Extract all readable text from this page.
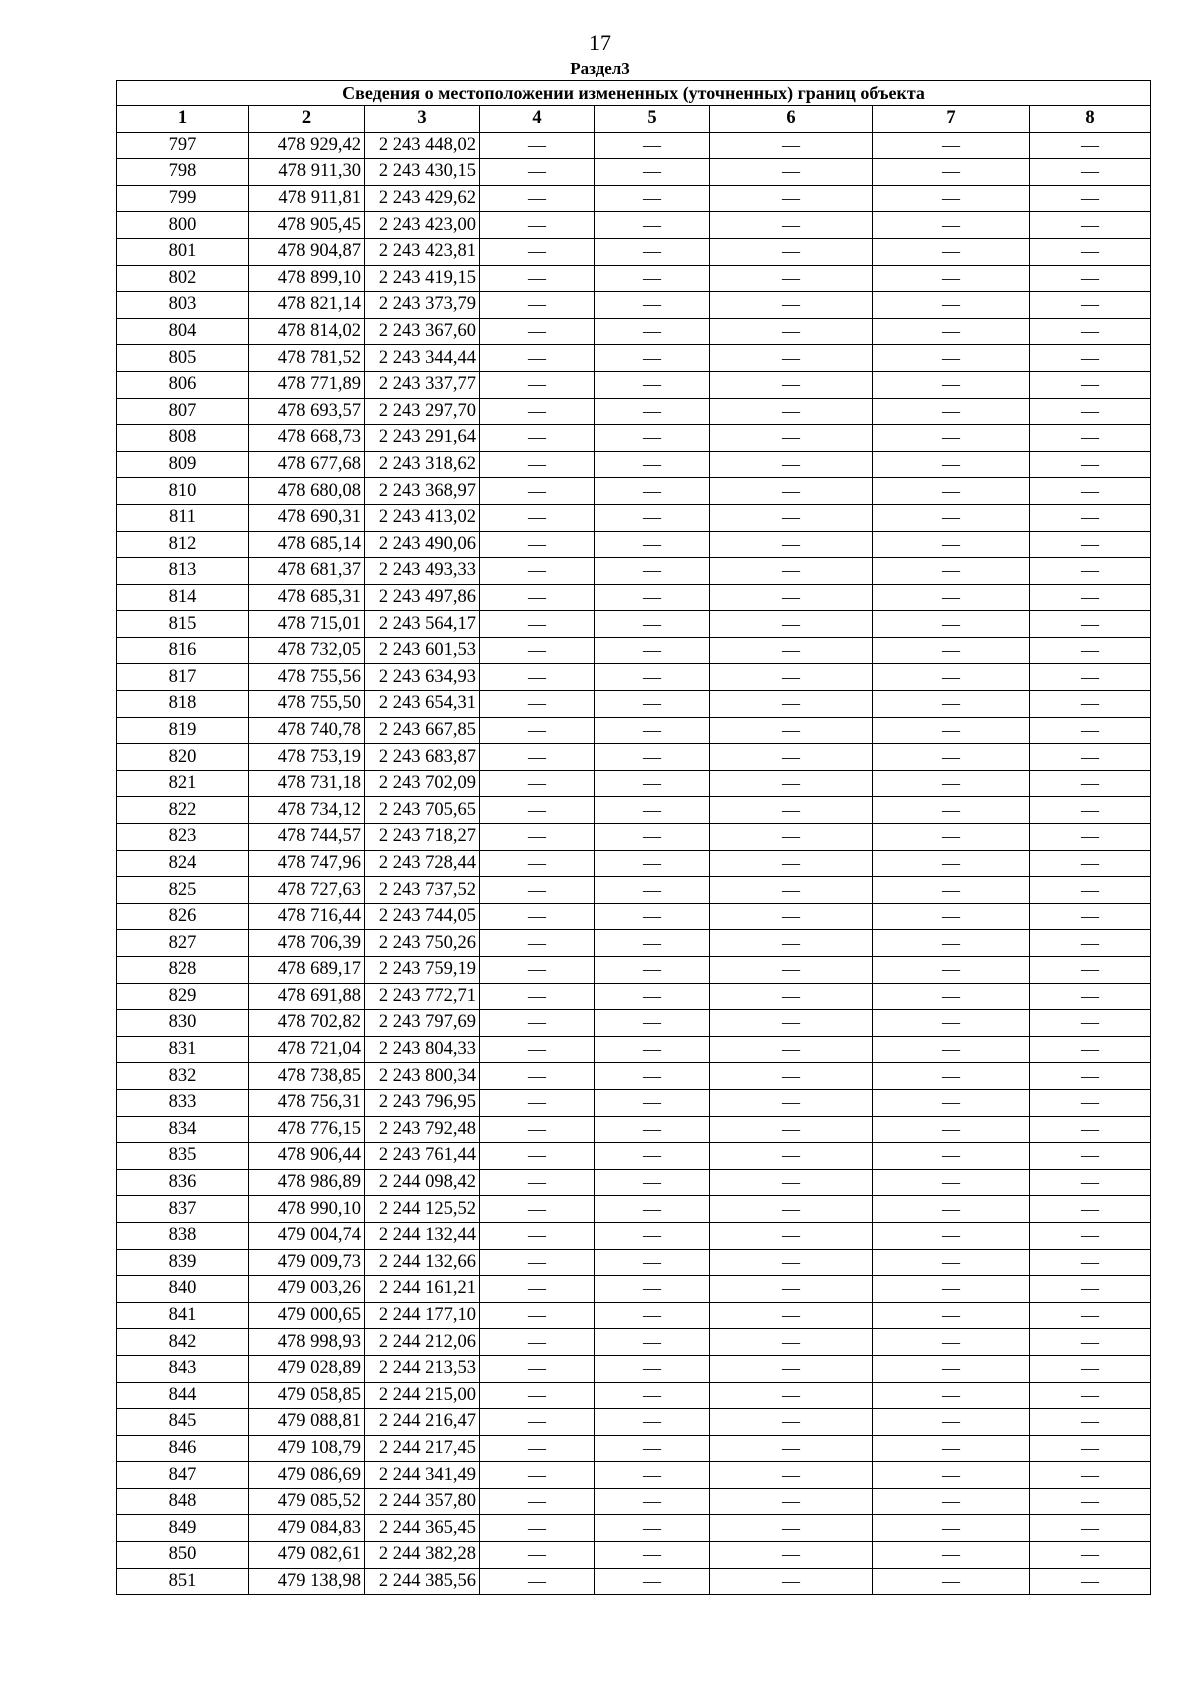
17
Раздел3
Сведения о местоположении измененных (уточненных) границ объекта							
1	2	3	4	5	6	7	8
797	478 929,42	2 243 448,02	—	—	—	—	—
798	478 911,30	2 243 430,15	—	—	—	—	—
799	478 911,81	2 243 429,62	—	—	—	—	—
800	478 905,45	2 243 423,00	—	—	—	—	—
801	478 904,87	2 243 423,81	—	—	—	—	—
802	478 899,10	2 243 419,15	—	—	—	—	—
803	478 821,14	2 243 373,79	—	—	—	—	—
804	478 814,02	2 243 367,60	—	—	—	—	—
805	478 781,52	2 243 344,44	—	—	—	—	—
806	478 771,89	2 243 337,77	—	—	—	—	—
807	478 693,57	2 243 297,70	—	—	—	—	—
808	478 668,73	2 243 291,64	—	—	—	—	—
809	478 677,68	2 243 318,62	—	—	—	—	—
810	478 680,08	2 243 368,97	—	—	—	—	—
811	478 690,31	2 243 413,02	—	—	—	—	—
812	478 685,14	2 243 490,06	—	—	—	—	—
813	478 681,37	2 243 493,33	—	—	—	—	—
814	478 685,31	2 243 497,86	—	—	—	—	—
815	478 715,01	2 243 564,17	—	—	—	—	—
816	478 732,05	2 243 601,53	—	—	—	—	—
817	478 755,56	2 243 634,93	—	—	—	—	—
818	478 755,50	2 243 654,31	—	—	—	—	—
819	478 740,78	2 243 667,85	—	—	—	—	—
820	478 753,19	2 243 683,87	—	—	—	—	—
821	478 731,18	2 243 702,09	—	—	—	—	—
822	478 734,12	2 243 705,65	—	—	—	—	—
823	478 744,57	2 243 718,27	—	—	—	—	—
824	478 747,96	2 243 728,44	—	—	—	—	—
825	478 727,63	2 243 737,52	—	—	—	—	—
826	478 716,44	2 243 744,05	—	—	—	—	—
827	478 706,39	2 243 750,26	—	—	—	—	—
828	478 689,17	2 243 759,19	—	—	—	—	—
829	478 691,88	2 243 772,71	—	—	—	—	—
830	478 702,82	2 243 797,69	—	—	—	—	—
831	478 721,04	2 243 804,33	—	—	—	—	—
832	478 738,85	2 243 800,34	—	—	—	—	—
833	478 756,31	2 243 796,95	—	—	—	—	—
834	478 776,15	2 243 792,48	—	—	—	—	—
835	478 906,44	2 243 761,44	—	—	—	—	—
836	478 986,89	2 244 098,42	—	—	—	—	—
837	478 990,10	2 244 125,52	—	—	—	—	—
838	479 004,74	2 244 132,44	—	—	—	—	—
839	479 009,73	2 244 132,66	—	—	—	—	—
840	479 003,26	2 244 161,21	—	—	—	—	—
841	479 000,65	2 244 177,10	—	—	—	—	—
842	478 998,93	2 244 212,06	—	—	—	—	—
843	479 028,89	2 244 213,53	—	—	—	—	—
844	479 058,85	2 244 215,00	—	—	—	—	—
845	479 088,81	2 244 216,47	—	—	—	—	—
846	479 108,79	2 244 217,45	—	—	—	—	—
847	479 086,69	2 244 341,49	—	—	—	—	—
848	479 085,52	2 244 357,80	—	—	—	—	—
849	479 084,83	2 244 365,45	—	—	—	—	—
850	479 082,61	2 244 382,28	—	—	—	—	—
851	479 138,98	2 244 385,56	—	—	—	—	—
